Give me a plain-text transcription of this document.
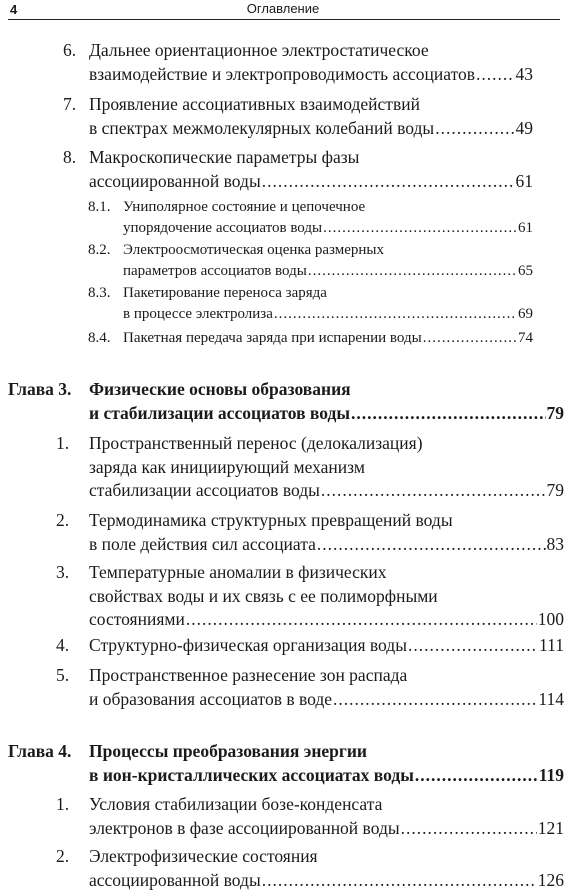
4	Оглавление
6. Дальнее ориентационное электростатическое
взаимодействие и электропроводимость ассоциатов ..... 43
7. Проявление ассоциативных взаимодействий
в спектрах межмолекулярных колебаний воды .....	49
8. Макроскопические параметры фазы
ассоциированной воды .....	61
8.1. Униполярное состояние и цепочечное
упорядочение ассоциатов воды .....	61
8.2. Электроосмотическая оценка размерных
параметров ассоциатов воды .....	65
8.3. Пакетирование переноса заряда
в процессе электролиза .....	69
8.4. Пакетная передача заряда при испарении воды .....	74
Глава 3. Физические основы образования
и стабилизации ассоциатов воды .....	79
1. Пространственный перенос (делокализация)
заряда как инициирующий механизм
стабилизации ассоциатов воды .....	79
2. Термодинамика структурных превращений воды
в поле действия сил ассоциата .....	83
3. Температурные аномалии в физических
свойствах воды и их связь с ее полиморфными
состояниями .....	100
4. Структурно-физическая организация воды .....	111
5. Пространственное разнесение зон распада
и образования ассоциатов в воде .....	114
Глава 4. Процессы преобразования энергии
в ион-кристаллических ассоциатах воды .....	119
1. Условия стабилизации бозе-конденсата
электронов в фазе ассоциированной воды .....	121
2. Электрофизические состояния
ассоциированной воды .....	126
